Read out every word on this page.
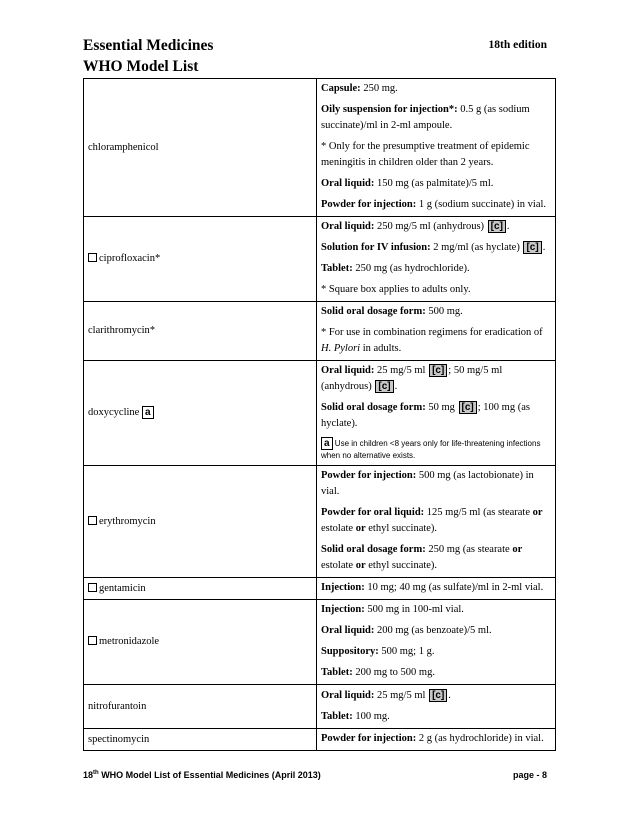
Essential Medicines
WHO Model List
18th edition
chloramphenicol	Capsule: 250 mg.
Oily suspension for injection*: 0.5 g (as sodium succinate)/ml in 2-ml ampoule.
* Only for the presumptive treatment of epidemic meningitis in children older than 2 years.
Oral liquid: 150 mg (as palmitate)/5 ml.
Powder for injection: 1 g (sodium succinate) in vial.

ciprofloxacin*	Oral liquid: 250 mg/5 ml (anhydrous) [c] .
Solution for IV infusion: 2 mg/ml (as hyclate) [c] .
Tablet: 250 mg (as hydrochloride).
* Square box applies to adults only.

clarithromycin*	Solid oral dosage form: 500 mg.
* For use in combination regimens for eradication of H. Pylori in adults.

doxycycline a	Oral liquid: 25 mg/5 ml [c] ; 50 mg/5 ml (anhydrous) [c] .
Solid oral dosage form: 50 mg [c] ; 100 mg (as hyclate).
a Use in children <8 years only for life-threatening infections when no alternative exists.

erythromycin	Powder for injection: 500 mg (as lactobionate) in vial.
Powder for oral liquid: 125 mg/5 ml (as stearate or estolate or ethyl succinate).
Solid oral dosage form: 250 mg (as stearate or estolate or ethyl succinate).

gentamicin	Injection: 10 mg; 40 mg (as sulfate)/ml in 2-ml vial.

metronidazole	Injection: 500 mg in 100-ml vial.
Oral liquid: 200 mg (as benzoate)/5 ml.
Suppository: 500 mg; 1 g.
Tablet: 200 mg to 500 mg.

nitrofurantoin	Oral liquid: 25 mg/5 ml [c] .
Tablet: 100 mg.

spectinomycin	Powder for injection: 2 g (as hydrochloride) in vial.
18th WHO Model List of Essential Medicines (April 2013)	page - 8
